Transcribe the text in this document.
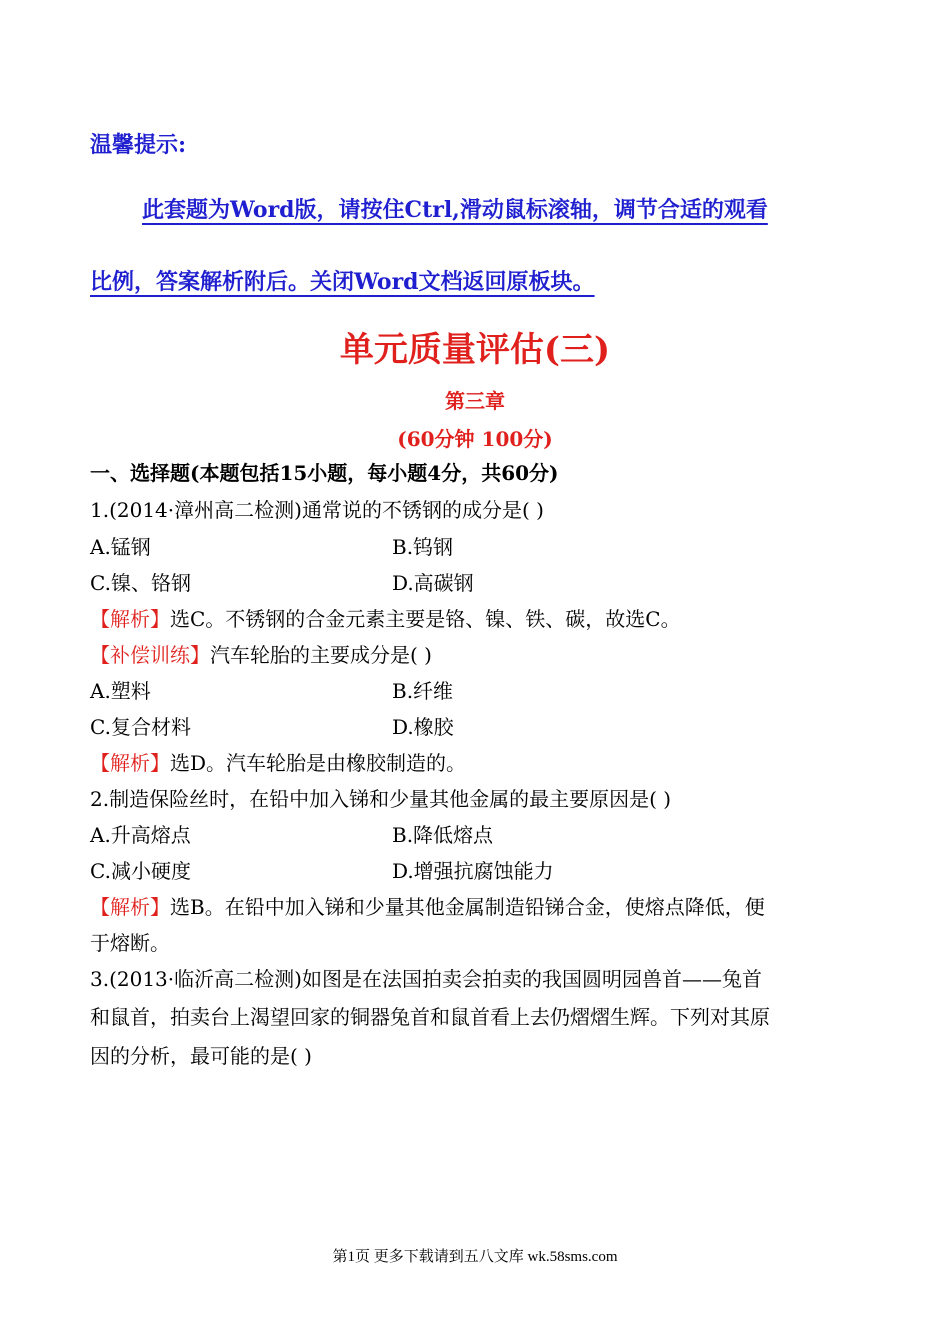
温馨提示:
此套题为Word版，请按住Ctrl,滑动鼠标滚轴，调节合适的观看
比例，答案解析附后。关闭Word文档返回原板块。
单元质量评估(三)
第三章
(60分钟 100分)
一、选择题(本题包括15小题，每小题4分，共60分)
1.(2014·漳州高二检测)通常说的不锈钢的成分是( )
A.锰钢	B.钨钢
C.镍、铬钢	D.高碳钢
【解析】选C。不锈钢的合金元素主要是铬、镍、铁、碳，故选C。
【补偿训练】汽车轮胎的主要成分是( )
A.塑料	B.纤维
C.复合材料	D.橡胶
【解析】选D。汽车轮胎是由橡胶制造的。
2.制造保险丝时，在铅中加入锑和少量其他金属的最主要原因是( )
A.升高熔点	B.降低熔点
C.减小硬度	D.增强抗腐蚀能力
【解析】选B。在铅中加入锑和少量其他金属制造铅锑合金，使熔点降低，便
于熔断。
3.(2013·临沂高二检测)如图是在法国拍卖会拍卖的我国圆明园兽首——兔首
和鼠首，拍卖台上渴望回家的铜器兔首和鼠首看上去仍熠熠生辉。下列对其原
因的分析，最可能的是( )
第1页 更多下载请到五八文库 wk.58sms.com
